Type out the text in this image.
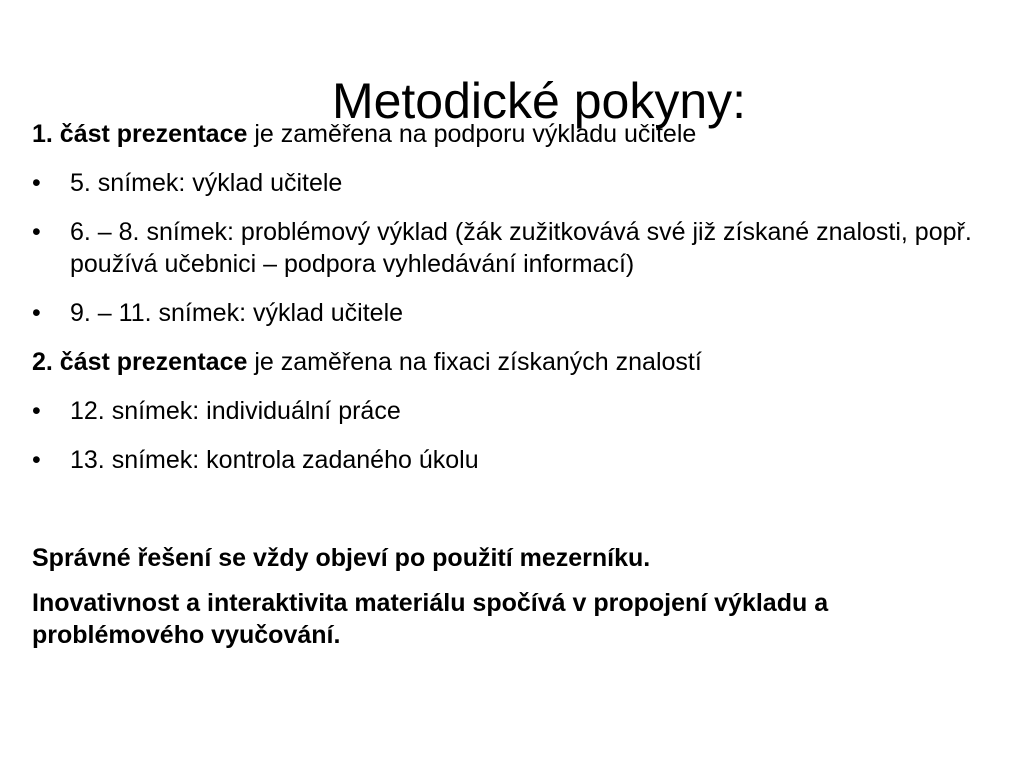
Metodické pokyny:

1. část prezentace je zaměřena na podporu výkladu učitele

•	5. snímek: výklad učitele
•	6. – 8. snímek: problémový výklad (žák zužitkovává své již získané znalosti, popř. používá učebnici – podpora vyhledávání informací)
•	9. – 11. snímek: výklad učitele

2. část prezentace je zaměřena na fixaci získaných znalostí

•	12. snímek: individuální práce
•	13. snímek: kontrola zadaného úkolu

Správné řešení se vždy objeví po použití mezerníku.

Inovativnost a interaktivita materiálu spočívá v propojení výkladu a problémového vyučování.
